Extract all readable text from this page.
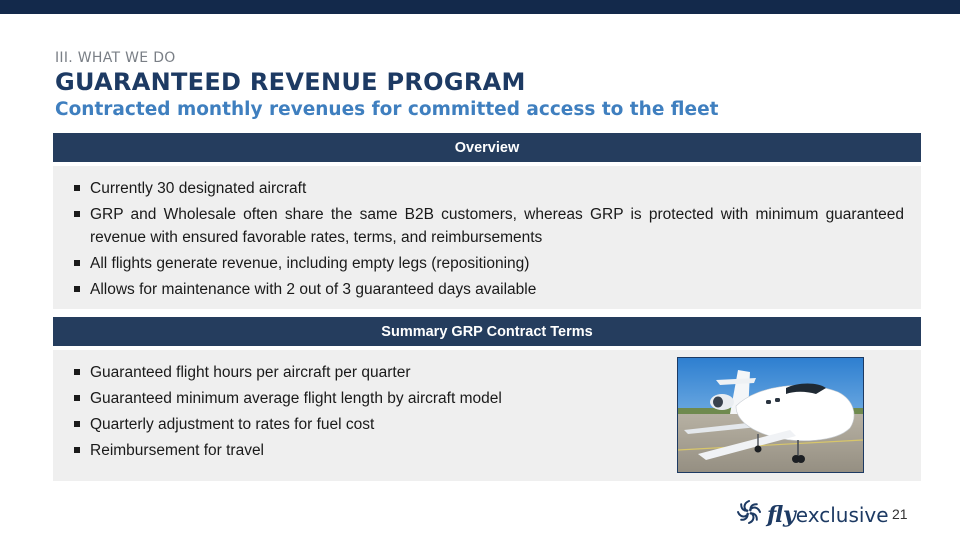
III. WHAT WE DO
GUARANTEED REVENUE PROGRAM
Contracted monthly revenues for committed access to the fleet
Overview
Currently 30 designated aircraft
GRP and Wholesale often share the same B2B customers, whereas GRP is protected with minimum guaranteed revenue with ensured favorable rates, terms, and reimbursements
All flights generate revenue, including empty legs (repositioning)
Allows for maintenance with 2 out of 3 guaranteed days available
Summary GRP Contract Terms
Guaranteed flight hours per aircraft per quarter
Guaranteed minimum average flight length by aircraft model
Quarterly adjustment to rates for fuel cost
Reimbursement for travel
fly exclusive 21
